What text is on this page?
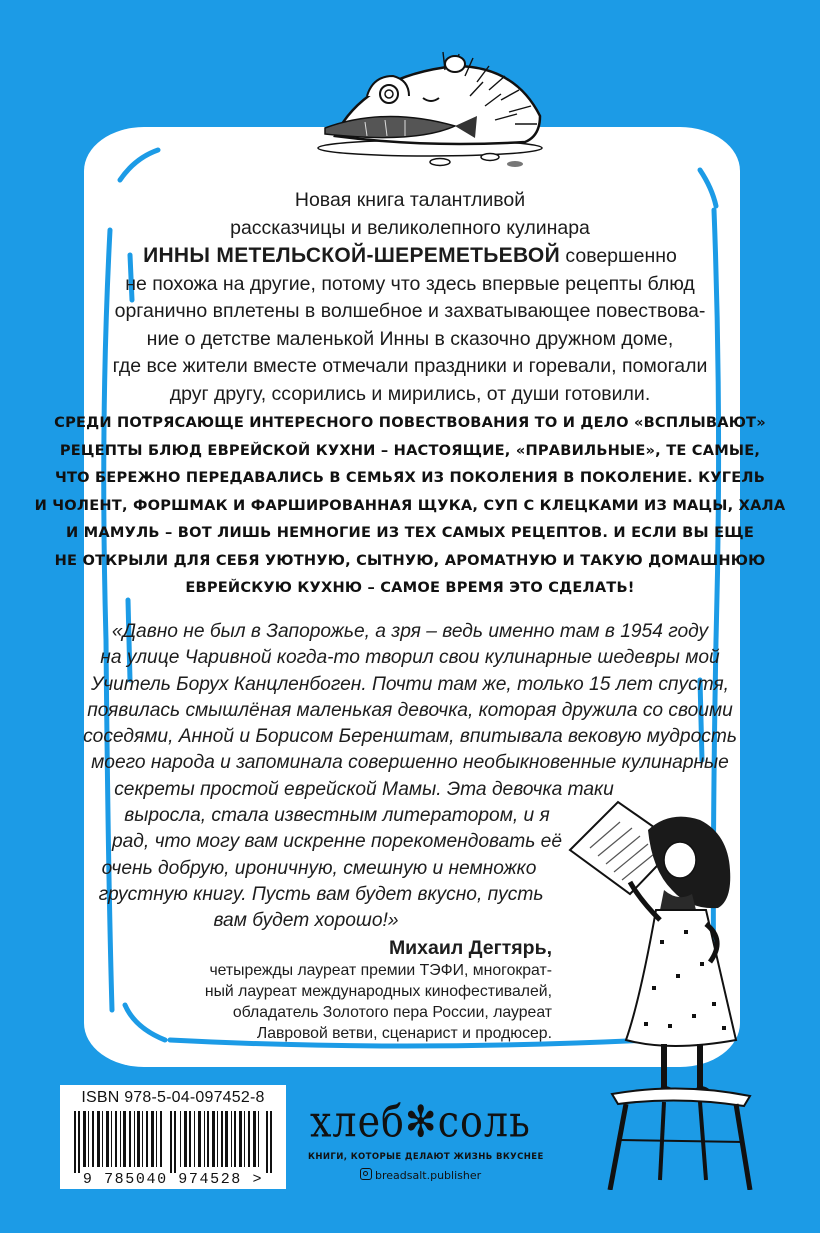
Новая книга талантливой
рассказчицы и великолепного кулинара
ИННЫ МЕТЕЛЬСКОЙ-ШЕРЕМЕТЬЕВОЙ совершенно
не похожа на другие, потому что здесь впервые рецепты блюд
органично вплетены в волшебное и захватывающее повествова-
ние о детстве маленькой Инны в сказочно дружном доме,
где все жители вместе отмечали праздники и горевали, помогали
друг другу, ссорились и мирились, от души готовили.
СРЕДИ ПОТРЯСАЮЩЕ ИНТЕРЕСНОГО ПОВЕСТВОВАНИЯ ТО И ДЕЛО «ВСПЛЫВАЮТ»
РЕЦЕПТЫ БЛЮД ЕВРЕЙСКОЙ КУХНИ – НАСТОЯЩИЕ, «ПРАВИЛЬНЫЕ», ТЕ САМЫЕ,
ЧТО БЕРЕЖНО ПЕРЕДАВАЛИСЬ В СЕМЬЯХ ИЗ ПОКОЛЕНИЯ В ПОКОЛЕНИЕ. КУГЕЛЬ
И ЧОЛЕНТ, ФОРШМАК И ФАРШИРОВАННАЯ ЩУКА, СУП С КЛЕЦКАМИ ИЗ МАЦЫ, ХАЛА
И МАМУЛЬ – ВОТ ЛИШЬ НЕМНОГИЕ ИЗ ТЕХ САМЫХ РЕЦЕПТОВ. И ЕСЛИ ВЫ ЕЩЕ
НЕ ОТКРЫЛИ ДЛЯ СЕБЯ УЮТНУЮ, СЫТНУЮ, АРОМАТНУЮ И ТАКУЮ ДОМАШНЮЮ
ЕВРЕЙСКУЮ КУХНЮ – САМОЕ ВРЕМЯ ЭТО СДЕЛАТЬ!
«Давно не был в Запорожье, а зря – ведь именно там в 1954 году
на улице Чаривной когда-то творил свои кулинарные шедевры мой
Учитель Борух Канцленбоген. Почти там же, только 15 лет спустя,
появилась смышлёная маленькая девочка, которая дружила со своими
соседями, Анной и Борисом Беренштам, впитывала вековую мудрость
моего народа и запоминала совершенно необыкновенные кулинарные
секреты простой еврейской Мамы. Эта девочка таки
выросла, стала известным литератором, и я
рад, что могу вам искренне порекомендовать её
очень добрую, ироничную, смешную и немножко
грустную книгу. Пусть вам будет вкусно, пусть
вам будет хорошо!»
Михаил Дегтярь,
четырежды лауреат премии ТЭФИ, многократ-
ный лауреат международных кинофестивалей,
обладатель Золотого пера России, лауреат
Лавровой ветви, сценарист и продюсер.
ISBN 978-5-04-097452-8
9 785040 974528 >
хлеб✻соль
КНИГИ, КОТОРЫЕ ДЕЛАЮТ ЖИЗНЬ ВКУСНЕЕ
breadsalt.publisher
